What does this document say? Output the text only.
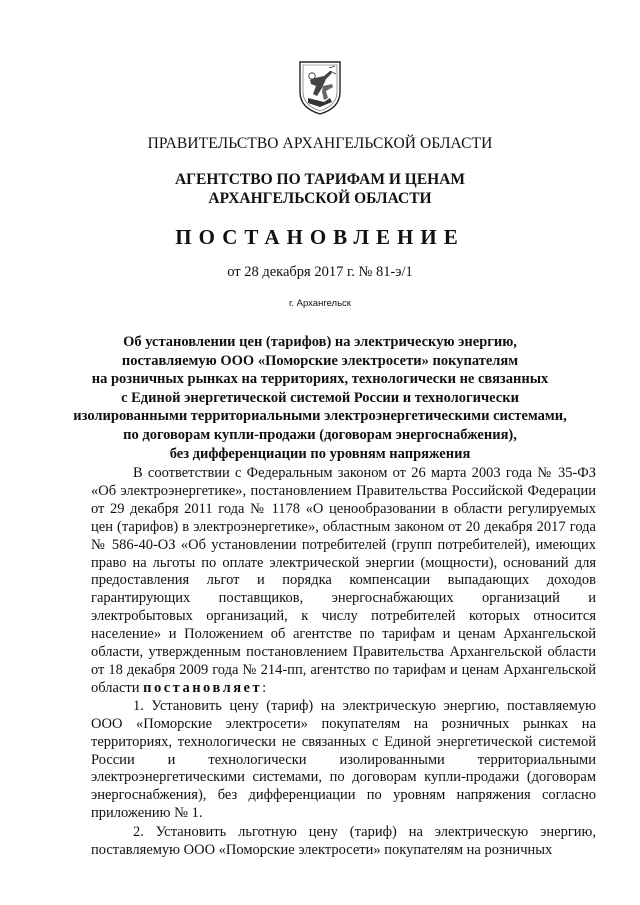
ПРАВИТЕЛЬСТВО АРХАНГЕЛЬСКОЙ ОБЛАСТИ
АГЕНТСТВО ПО ТАРИФАМ И ЦЕНАМ
АРХАНГЕЛЬСКОЙ ОБЛАСТИ
ПОСТАНОВЛЕНИЕ
от 28 декабря 2017 г. № 81-э/1
г. Архангельск
Об установлении цен (тарифов) на электрическую энергию,
поставляемую ООО «Поморские электросети» покупателям
на розничных рынках на территориях, технологически не связанных
с Единой энергетической системой России и технологически
изолированными территориальными электроэнергетическими системами,
по договорам купли-продажи (договорам энергоснабжения),
без дифференциации по уровням напряжения

В соответствии с Федеральным законом от 26 марта 2003 года № 35-ФЗ «Об электроэнергетике», постановлением Правительства Российской Федерации от 29 декабря 2011 года № 1178 «О ценообразовании в области регулируемых цен (тарифов) в электроэнергетике», областным законом от 20 декабря 2017 года № 586-40-ОЗ «Об установлении потребителей (групп потребителей), имеющих право на льготы по оплате электрической энергии (мощности), оснований для предоставления льгот и порядка компенсации выпадающих доходов гарантирующих поставщиков, энергоснабжающих организаций и электробытовых организаций, к числу потребителей которых относится население» и Положением об агентстве по тарифам и ценам Архангельской области, утвержденным постановлением Правительства Архангельской области от 18 декабря 2009 года № 214-пп, агентство по тарифам и ценам Архангельской области постановляет:

1. Установить цену (тариф) на электрическую энергию, поставляемую ООО «Поморские электросети» покупателям на розничных рынках на территориях, технологически не связанных с Единой энергетической системой России и технологически изолированными территориальными электроэнергетическими системами, по договорам купли-продажи (договорам энергоснабжения), без дифференциации по уровням напряжения согласно приложению № 1.

2. Установить льготную цену (тариф) на электрическую энергию, поставляемую ООО «Поморские электросети» покупателям на розничных
